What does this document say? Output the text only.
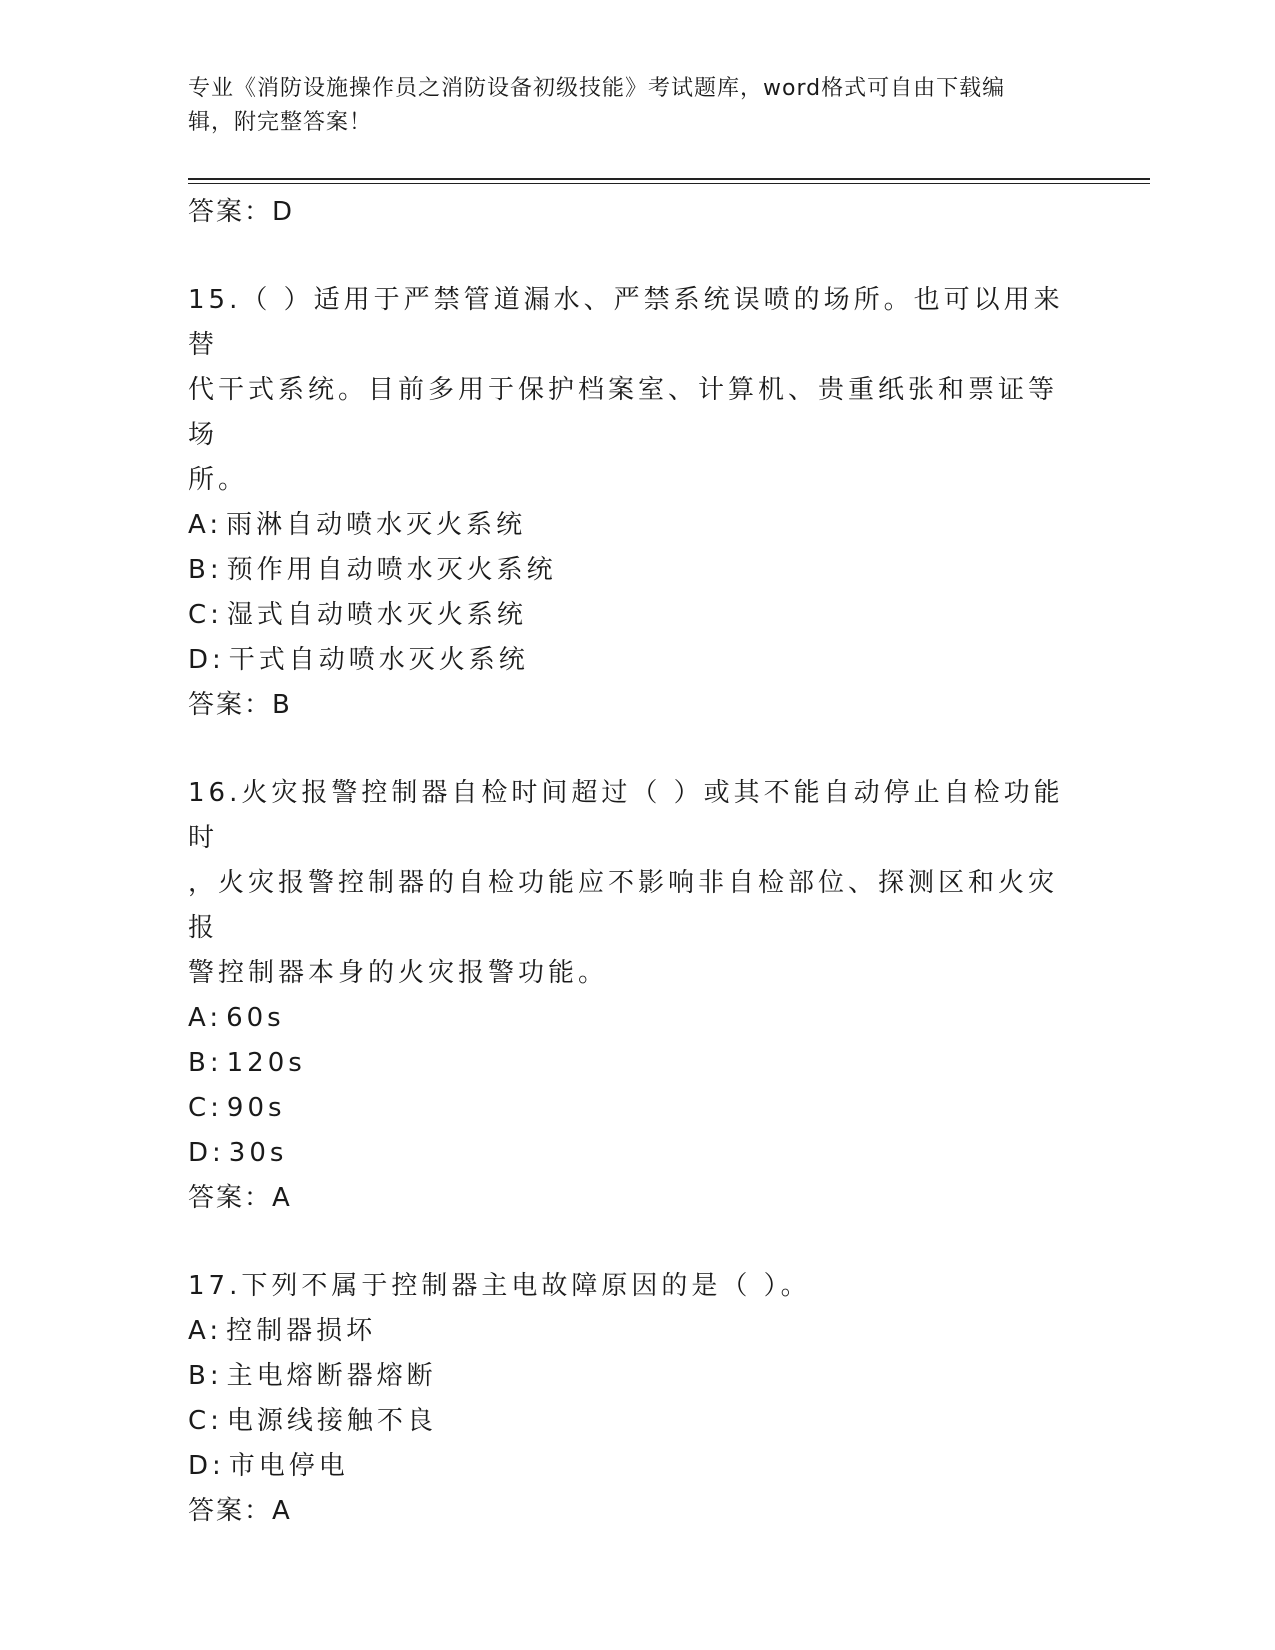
专业《消防设施操作员之消防设备初级技能》考试题库，word格式可自由下载编
辑，附完整答案！

答案：D

15.（ ）适用于严禁管道漏水、严禁系统误喷的场所。也可以用来替

代干式系统。目前多用于保护档案室、计算机、贵重纸张和票证等场

所。

A: 雨淋自动喷水灭火系统

B: 预作用自动喷水灭火系统

C: 湿式自动喷水灭火系统

D: 干式自动喷水灭火系统

答案：B

16.火灾报警控制器自检时间超过（ ）或其不能自动停止自检功能时

，火灾报警控制器的自检功能应不影响非自检部位、探测区和火灾报

警控制器本身的火灾报警功能。

A: 60s

B: 120s

C: 90s

D: 30s

答案：A

17.下列不属于控制器主电故障原因的是（ ）。

A: 控制器损坏

B: 主电熔断器熔断

C: 电源线接触不良

D: 市电停电

答案：A
